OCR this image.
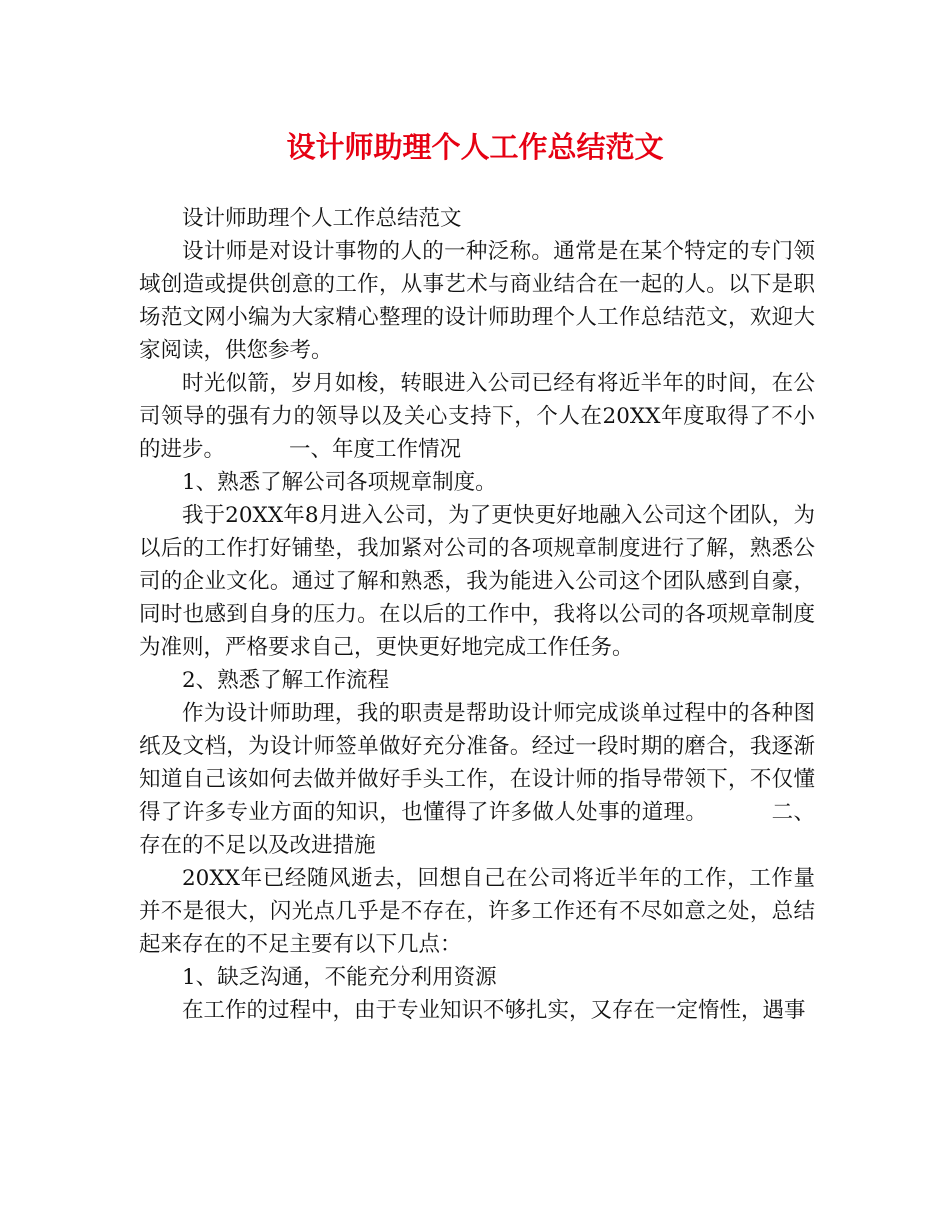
设计师助理个人工作总结范文

设计师助理个人工作总结范文

设计师是对设计事物的人的一种泛称。通常是在某个特定的专门领域创造或提供创意的工作，从事艺术与商业结合在一起的人。以下是职场范文网小编为大家精心整理的设计师助理个人工作总结范文，欢迎大家阅读，供您参考。

时光似箭，岁月如梭，转眼进入公司已经有将近半年的时间，在公司领导的强有力的领导以及关心支持下，个人在20XX年度取得了不小的进步。	一、年度工作情况

1、熟悉了解公司各项规章制度。

我于20XX年8月进入公司，为了更快更好地融入公司这个团队，为以后的工作打好铺垫，我加紧对公司的各项规章制度进行了解，熟悉公司的企业文化。通过了解和熟悉，我为能进入公司这个团队感到自豪，同时也感到自身的压力。在以后的工作中，我将以公司的各项规章制度为准则，严格要求自己，更快更好地完成工作任务。

2、熟悉了解工作流程

作为设计师助理，我的职责是帮助设计师完成谈单过程中的各种图纸及文档，为设计师签单做好充分准备。经过一段时期的磨合，我逐渐知道自己该如何去做并做好手头工作，在设计师的指导带领下，不仅懂得了许多专业方面的知识，也懂得了许多做人处事的道理。	二、存在的不足以及改进措施

20XX年已经随风逝去，回想自己在公司将近半年的工作，工作量并不是很大，闪光点几乎是不存在，许多工作还有不尽如意之处，总结起来存在的不足主要有以下几点：

1、缺乏沟通，不能充分利用资源

在工作的过程中，由于专业知识不够扎实，又存在一定惰性，遇事
